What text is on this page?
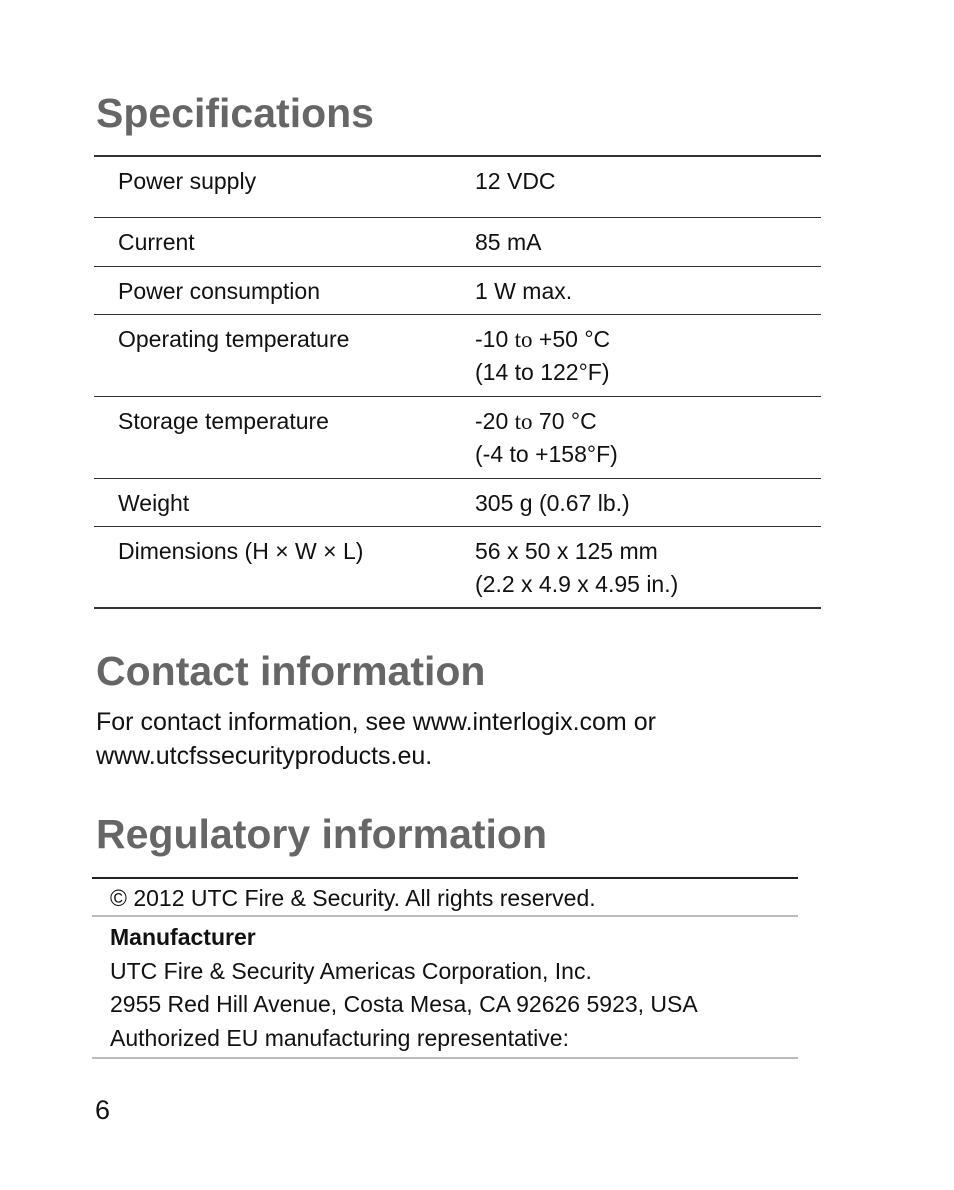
Specifications
Power supply	12 VDC
Current	85 mA
Power consumption	1 W max.
Operating temperature	-10 to +50 °C
(14 to 122°F)
Storage temperature	-20 to 70 °C
(-4 to +158°F)
Weight	305 g (0.67 lb.)
Dimensions (H × W × L)	56 x 50 x 125 mm
(2.2 x 4.9 x 4.95 in.)
Contact information

For contact information, see www.interlogix.com or
www.utcfssecurityproducts.eu.

Regulatory information
© 2012 UTC Fire & Security. All rights reserved.
Manufacturer
UTC Fire & Security Americas Corporation, Inc.
2955 Red Hill Avenue, Costa Mesa, CA 92626 5923, USA
Authorized EU manufacturing representative:
6
